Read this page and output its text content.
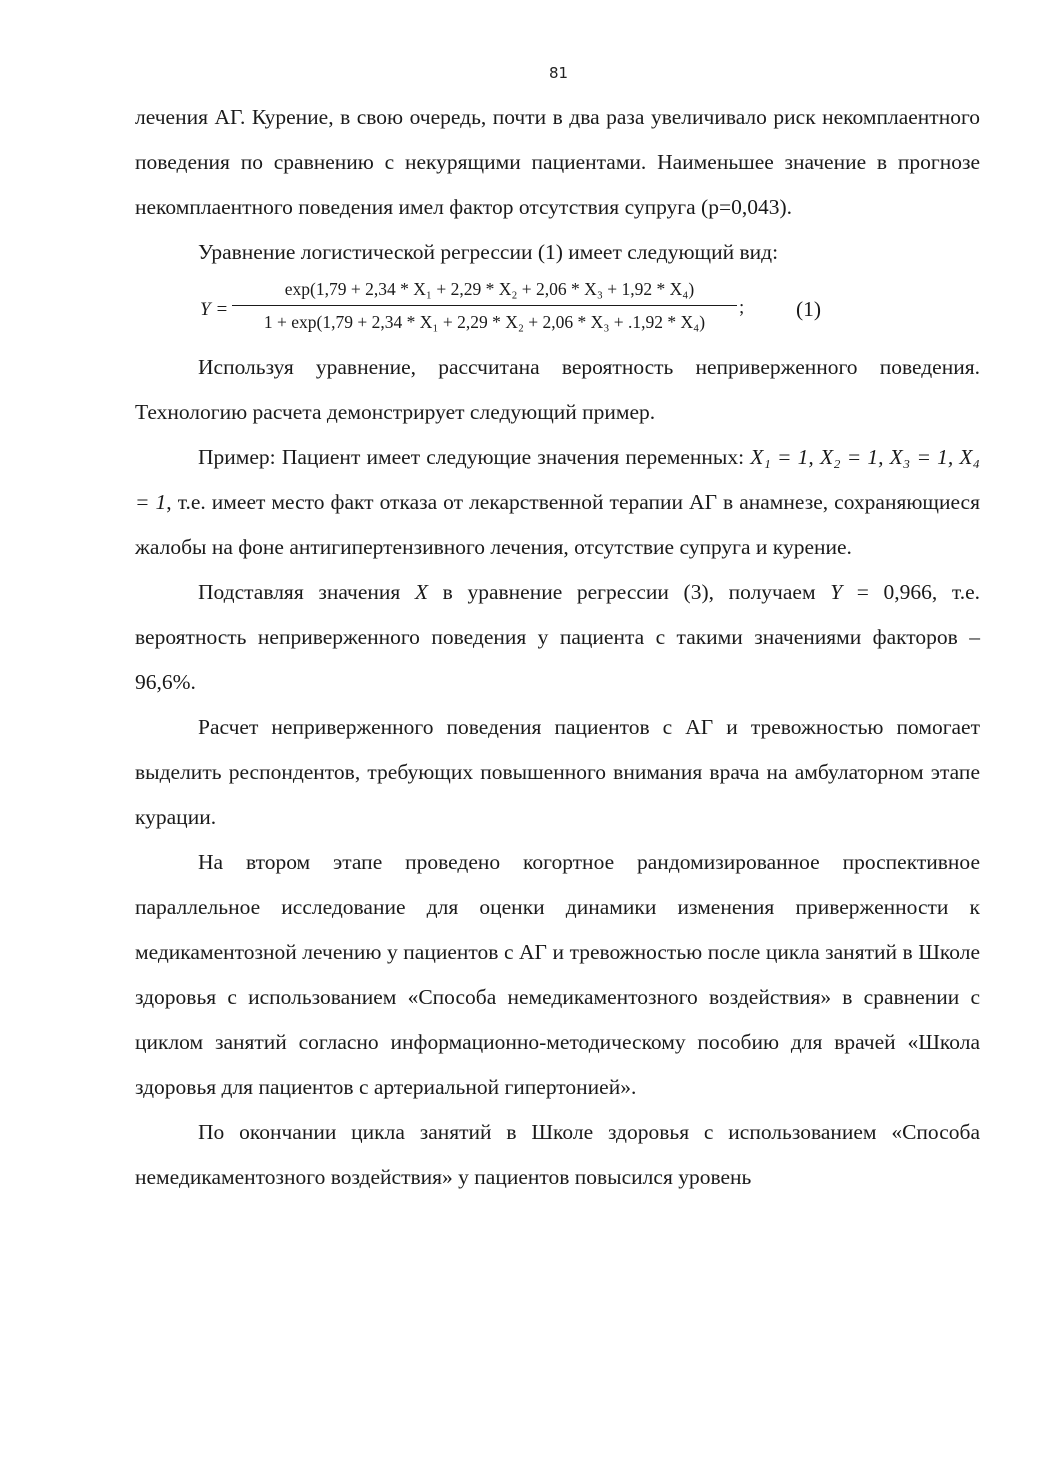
81

лечения АГ. Курение, в свою очередь, почти в два раза увеличивало риск некомплаентного поведения по сравнению с некурящими пациентами. Наименьшее значение в прогнозе некомплаентного поведения имел фактор отсутствия супруга (р=0,043).

Уравнение логистической регрессии (1) имеет следующий вид:

Y =
exp(1,79 + 2,34 * X₁ + 2,29 * X₂ + 2,06 * X₃ + 1,92 * X₄)
1 + exp(1,79 + 2,34 * X₁ + 2,29 * X₂ + 2,06 * X₃ + .1,92 * X₄)
; (1)

Используя уравнение, рассчитана вероятность неприверженного поведения. Технологию расчета демонстрирует следующий пример.

Пример: Пациент имеет следующие значения переменных: X₁ = 1, X₂ = 1, X₃ = 1, X₄ = 1, т.е. имеет место факт отказа от лекарственной терапии АГ в анамнезе, сохраняющиеся жалобы на фоне антигипертензивного лечения, отсутствие супруга и курение.

Подставляя значения X в уравнение регрессии (3), получаем Y = 0,966, т.е. вероятность неприверженного поведения у пациента с такими значениями факторов – 96,6%.

Расчет неприверженного поведения пациентов с АГ и тревожностью помогает выделить респондентов, требующих повышенного внимания врача на амбулаторном этапе курации.

На втором этапе проведено когортное рандомизированное проспективное параллельное исследование для оценки динамики изменения приверженности к медикаментозной лечению у пациентов с АГ и тревожностью после цикла занятий в Школе здоровья с использованием «Способа немедикаментозного воздействия» в сравнении с циклом занятий согласно информационно-методическому пособию для врачей «Школа здоровья для пациентов с артериальной гипертонией».

По окончании цикла занятий в Школе здоровья с использованием «Способа немедикаментозного воздействия» у пациентов повысился уровень
